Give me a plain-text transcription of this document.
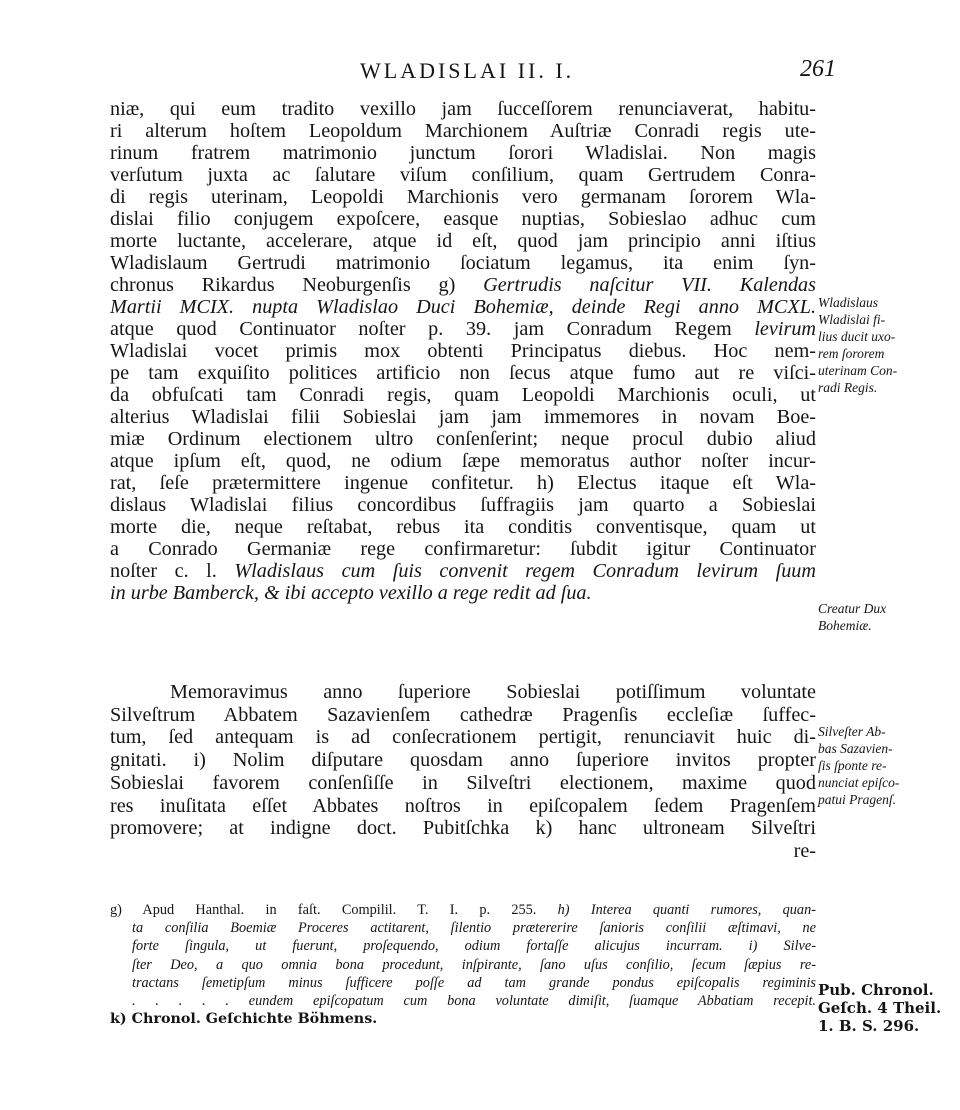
WLADISLAI II. I.	261
niæ, qui eum tradito vexillo jam ſucceſſorem renunciaverat, habitu-
ri alterum hoſtem Leopoldum Marchionem Auſtriæ Conradi regis ute-
rinum fratrem matrimonio junctum ſorori Wladislai. Non magis
verſutum juxta ac ſalutare viſum conſilium, quam Gertrudem Conra-
di regis uterinam, Leopoldi Marchionis vero germanam ſororem Wla-
dislai filio conjugem expoſcere, easque nuptias, Sobieslao adhuc cum
morte luctante, accelerare, atque id eſt, quod jam principio anni iſtius
Wladislaum Gertrudi matrimonio ſociatum legamus, ita enim ſyn-
chronus Rikardus Neoburgenſis g) Gertrudis naſcitur VII. Kalendas
Martii MCIX. nupta Wladislao Duci Bohemiæ, deinde Regi anno MCXL.
atque quod Continuator noſter p. 39. jam Conradum Regem levirum
Wladislai vocet primis mox obtenti Principatus diebus. Hoc nem-
pe tam exquiſito politices artificio non ſecus atque fumo aut re viſci-
da obfuſcati tam Conradi regis, quam Leopoldi Marchionis oculi, ut
alterius Wladislai filii Sobieslai jam jam immemores in novam Boe-
miæ Ordinum electionem ultro conſenſerint; neque procul dubio aliud
atque ipſum eſt, quod, ne odium ſæpe memoratus author noſter incur-
rat, ſeſe prætermittere ingenue confitetur. h) Electus itaque eſt Wla-
dislaus Wladislai filius concordibus ſuffragiis jam quarto a Sobieslai
morte die, neque reſtabat, rebus ita conditis conventisque, quam ut
a Conrado Germaniæ rege confirmaretur: ſubdit igitur Continuator
noſter c. l. Wladislaus cum ſuis convenit regem Conradum levirum ſuum
in urbe Bamberck, & ibi accepto vexillo a rege redit ad ſua.
Memoravimus anno ſuperiore Sobieslai potiſſimum voluntate
Silveſtrum Abbatem Sazavienſem cathedræ Pragenſis eccleſiæ ſuffec-
tum, ſed antequam is ad conſecrationem pertigit, renunciavit huic di-
gnitati. i) Nolim diſputare quosdam anno ſuperiore invitos propter
Sobieslai favorem conſenſiſſe in Silveſtri electionem, maxime quod
res inuſitata eſſet Abbates noſtros in epiſcopalem ſedem Pragenſem
promovere; at indigne doct. Pubitſchka k) hanc ultroneam Silveſtri
re-
Wladislaus
Wladislai fi-
lius ducit uxo-
rem ſororem
uterinam Con-
radi Regis.
Creatur Dux
Bohemiæ.
Silveſter Ab-
bas Sazavien-
ſis ſponte re-
nunciat epiſco-
patui Pragenſ.
g) Apud Hanthal. in faſt. Compilil. T. I. p. 255. h) Interea quanti rumores, quan-
ta conſilia Boemiæ Proceres actitarent, ſilentio prætererire ſanioris conſilii æſtimavi, ne
forte ſingula, ut fuerunt, proſequendo, odium fortaſſe alicujus incurram. i) Silve-
ſter Deo, a quo omnia bona procedunt, inſpirante, ſano uſus conſilio, ſecum ſæpius re-
tractans ſemetipſum minus ſufficere poſſe ad tam grande pondus epiſcopalis regiminis
. . . . . eundem epiſcopatum cum bona voluntate dimiſit, ſuamque Abbatiam recepit.
k) Chronol. Geſchichte Böhmens.
Pub. Chronol.
Geſch. 4 Theil.
1. B. S. 296.
